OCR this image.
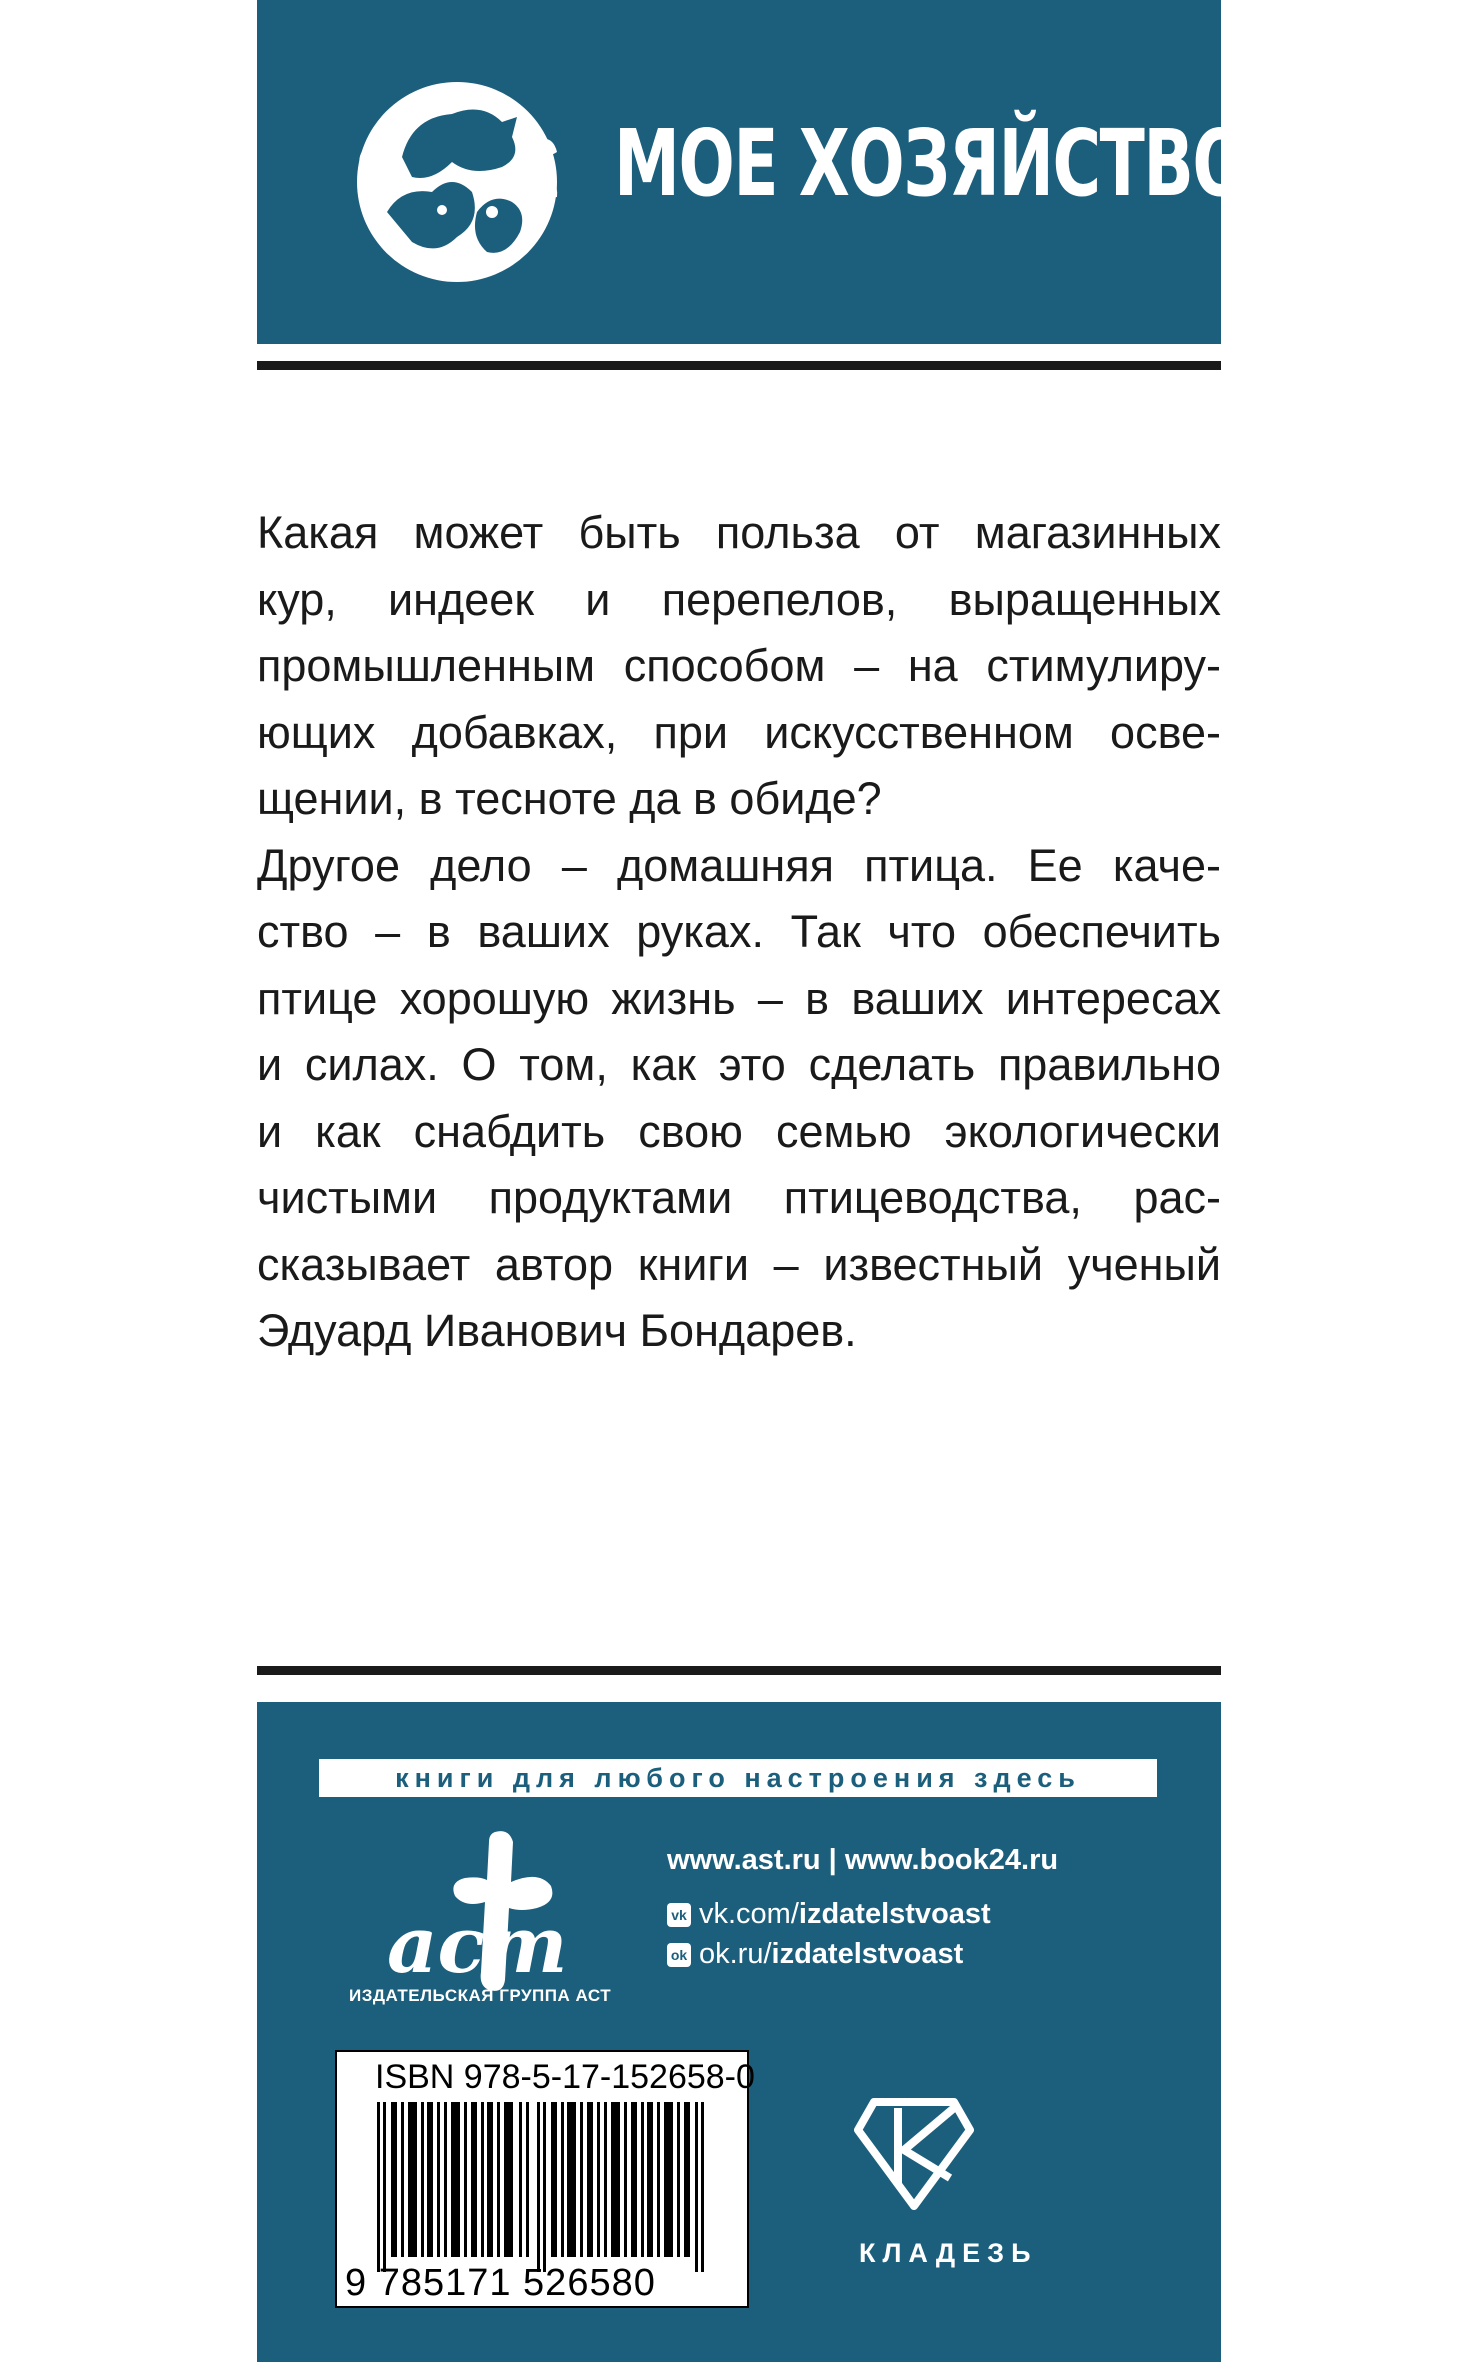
МОЕ ХОЗЯЙСТВО
Какая может быть польза от магазинных
кур, индеек и перепелов, выращенных
промышленным способом – на стимулиру-
ющих добавках, при искусственном осве-
щении, в тесноте да в обиде?
Другое дело – домашняя птица. Ее каче-
ство – в ваших руках. Так что обеспечить
птице хорошую жизнь – в ваших интересах
и силах. О том, как это сделать правильно
и как снабдить свою семью экологически
чистыми продуктами птицеводства, рас-
сказывает автор книги – известный ученый
Эдуард Иванович Бондарев.
книги для любого настроения здесь
аст
ИЗДАТЕЛЬСКАЯ ГРУППА АСТ
www.ast.ru | www.book24.ru
vk vk.com/izdatelstvoast
ok ok.ru/izdatelstvoast
ISBN 978-5-17-152658-0
9 785171 526580
КЛАДЕЗЬ
